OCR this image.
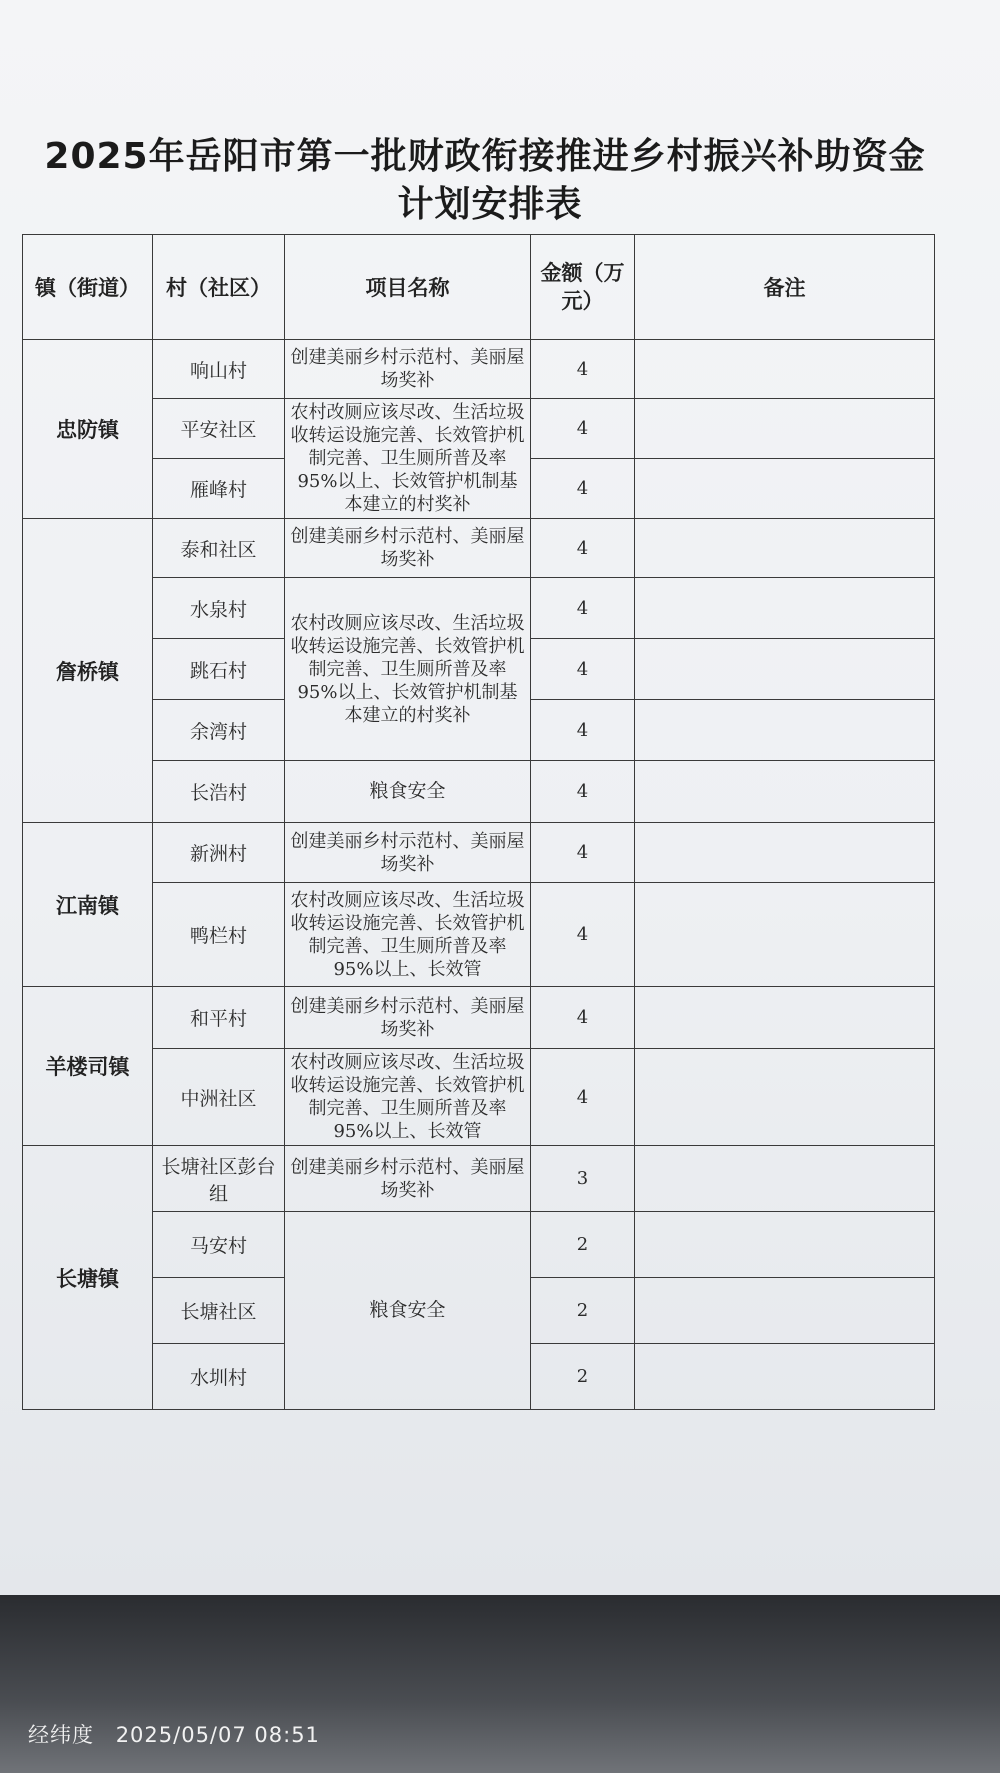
2025年岳阳市第一批财政衔接推进乡村振兴补助资金
计划安排表
镇（街道）	村（社区）	项目名称	金额（万元）	备注
忠防镇	响山村	创建美丽乡村示范村、美丽屋场奖补	4	
	平安社区	农村改厕应该尽改、生活垃圾收转运设施完善、长效管护机制完善、卫生厕所普及率95%以上、长效管护机制基本建立的村奖补	4	
	雁峰村		4	
詹桥镇	泰和社区	创建美丽乡村示范村、美丽屋场奖补	4	
	水泉村	农村改厕应该尽改、生活垃圾收转运设施完善、长效管护机制完善、卫生厕所普及率95%以上、长效管护机制基本建立的村奖补	4	
	跳石村		4	
	余湾村		4	
	长浩村	粮食安全	4	
江南镇	新洲村	创建美丽乡村示范村、美丽屋场奖补	4	
	鸭栏村	农村改厕应该尽改、生活垃圾收转运设施完善、长效管护机制完善、卫生厕所普及率95%以上、长效管	4	
羊楼司镇	和平村	创建美丽乡村示范村、美丽屋场奖补	4	
	中洲社区	农村改厕应该尽改、生活垃圾收转运设施完善、长效管护机制完善、卫生厕所普及率95%以上、长效管	4	
长塘镇	长塘社区彭台组	创建美丽乡村示范村、美丽屋场奖补	3	
	马安村	粮食安全	2	
	长塘社区		2	
	水圳村		2	
经纬度 2025/05/07 08:51
